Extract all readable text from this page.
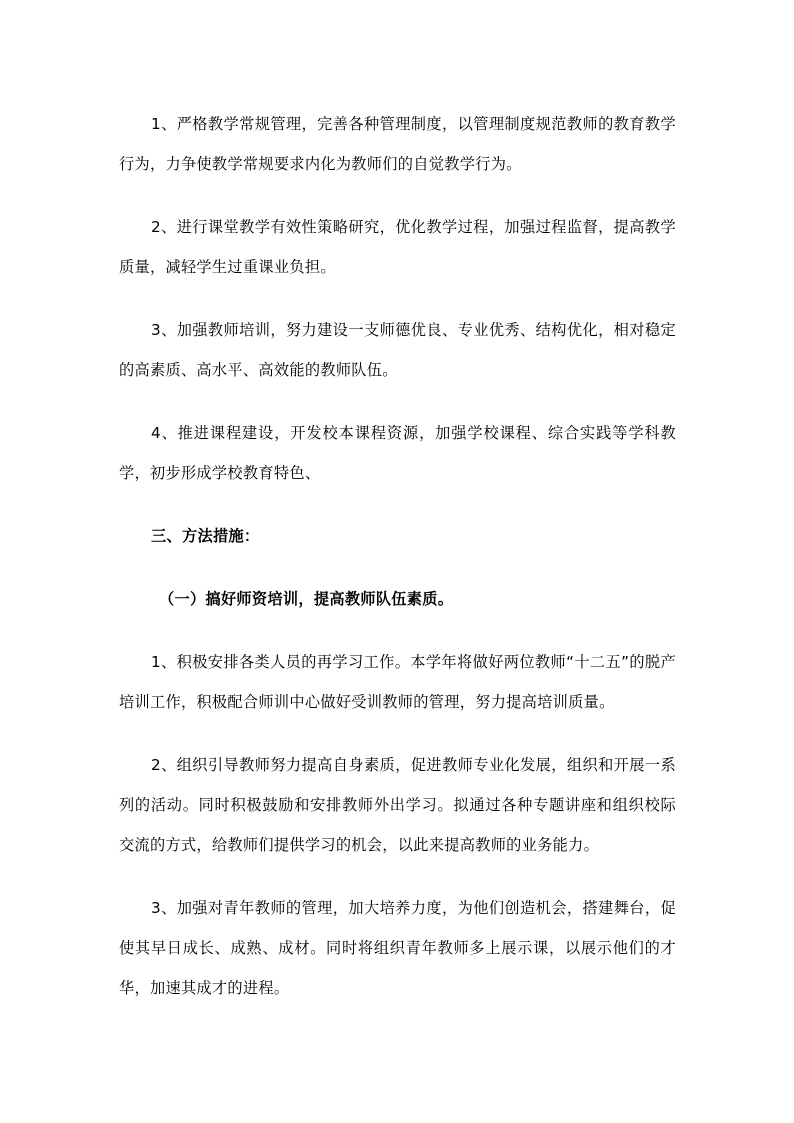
1、严格教学常规管理，完善各种管理制度，以管理制度规范教师的教育教学行为，力争使教学常规要求内化为教师们的自觉教学行为。

2、进行课堂教学有效性策略研究，优化教学过程，加强过程监督，提高教学质量，减轻学生过重课业负担。

3、加强教师培训，努力建设一支师德优良、专业优秀、结构优化，相对稳定的高素质、高水平、高效能的教师队伍。

4、推进课程建设，开发校本课程资源，加强学校课程、综合实践等学科教学，初步形成学校教育特色、

三、方法措施：

（一）搞好师资培训，提高教师队伍素质。

1、积极安排各类人员的再学习工作。本学年将做好两位教师“十二五”的脱产培训工作，积极配合师训中心做好受训教师的管理，努力提高培训质量。

2、组织引导教师努力提高自身素质，促进教师专业化发展，组织和开展一系列的活动。同时积极鼓励和安排教师外出学习。拟通过各种专题讲座和组织校际交流的方式，给教师们提供学习的机会，以此来提高教师的业务能力。

3、加强对青年教师的管理，加大培养力度，为他们创造机会，搭建舞台，促使其早日成长、成熟、成材。同时将组织青年教师多上展示课，以展示他们的才华，加速其成才的进程。
